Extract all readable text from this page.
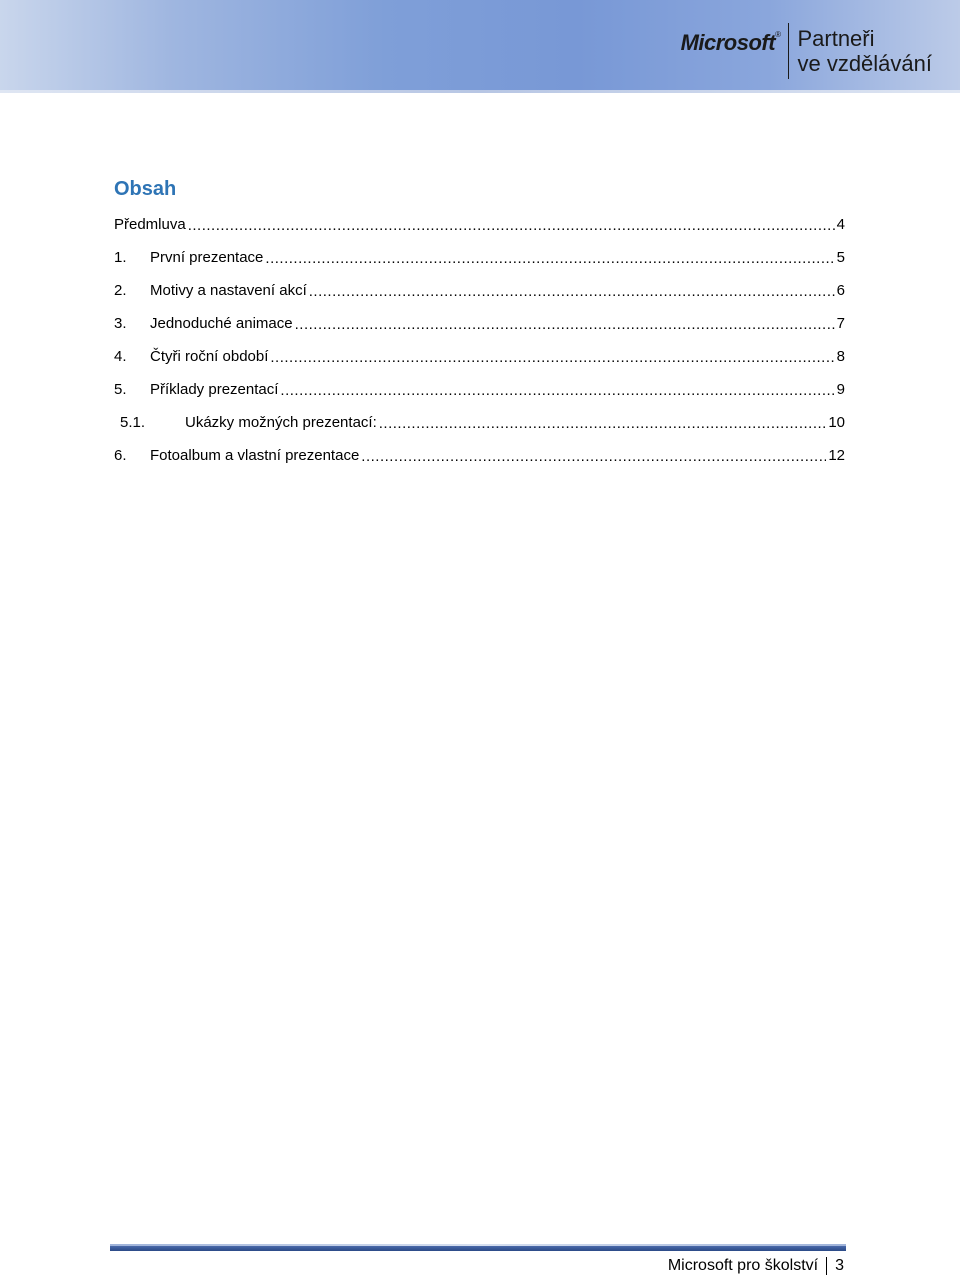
Microsoft® Partneři
ve vzdělávání
Obsah
Předmluva .....	4
1.	První prezentace .....	5
2.	Motivy a nastavení akcí .....	6
3.	Jednoduché animace .....	7
4.	Čtyři roční období .....	8
5.	Příklady prezentací .....	9
5.1.	Ukázky možných prezentací: .....	10
6.	Fotoalbum a vlastní prezentace .....	12
Microsoft pro školství 3
